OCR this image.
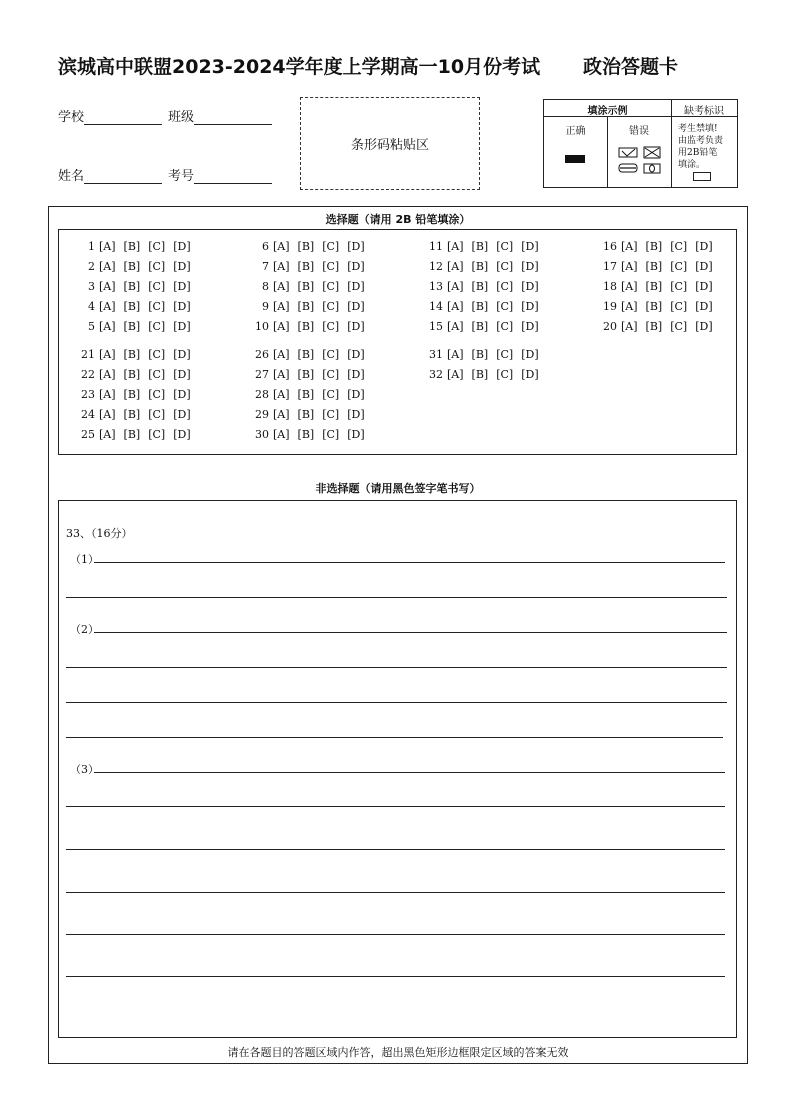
滨城高中联盟2023-2024学年度上学期高一10月份考试 政治答题卡
学校	班级
姓名	考号
条形码粘贴区
填涂示例
正确	错误
缺考标识
考生禁填!
由监考负责
用2B铅笔
填涂。
选择题（请用 2B 铅笔填涂）
1 [A] [B] [C] [D]
2 [A] [B] [C] [D]
3 [A] [B] [C] [D]
4 [A] [B] [C] [D]
5 [A] [B] [C] [D]
6 [A] [B] [C] [D]
7 [A] [B] [C] [D]
8 [A] [B] [C] [D]
9 [A] [B] [C] [D]
10 [A] [B] [C] [D]
11 [A] [B] [C] [D]
12 [A] [B] [C] [D]
13 [A] [B] [C] [D]
14 [A] [B] [C] [D]
15 [A] [B] [C] [D]
16 [A] [B] [C] [D]
17 [A] [B] [C] [D]
18 [A] [B] [C] [D]
19 [A] [B] [C] [D]
20 [A] [B] [C] [D]
21 [A] [B] [C] [D]
22 [A] [B] [C] [D]
23 [A] [B] [C] [D]
24 [A] [B] [C] [D]
25 [A] [B] [C] [D]
26 [A] [B] [C] [D]
27 [A] [B] [C] [D]
28 [A] [B] [C] [D]
29 [A] [B] [C] [D]
30 [A] [B] [C] [D]
31 [A] [B] [C] [D]
32 [A] [B] [C] [D]
非选择题（请用黑色签字笔书写）
33、（16分）
（1）
（2）
（3）
请在各题目的答题区域内作答，超出黑色矩形边框限定区域的答案无效
